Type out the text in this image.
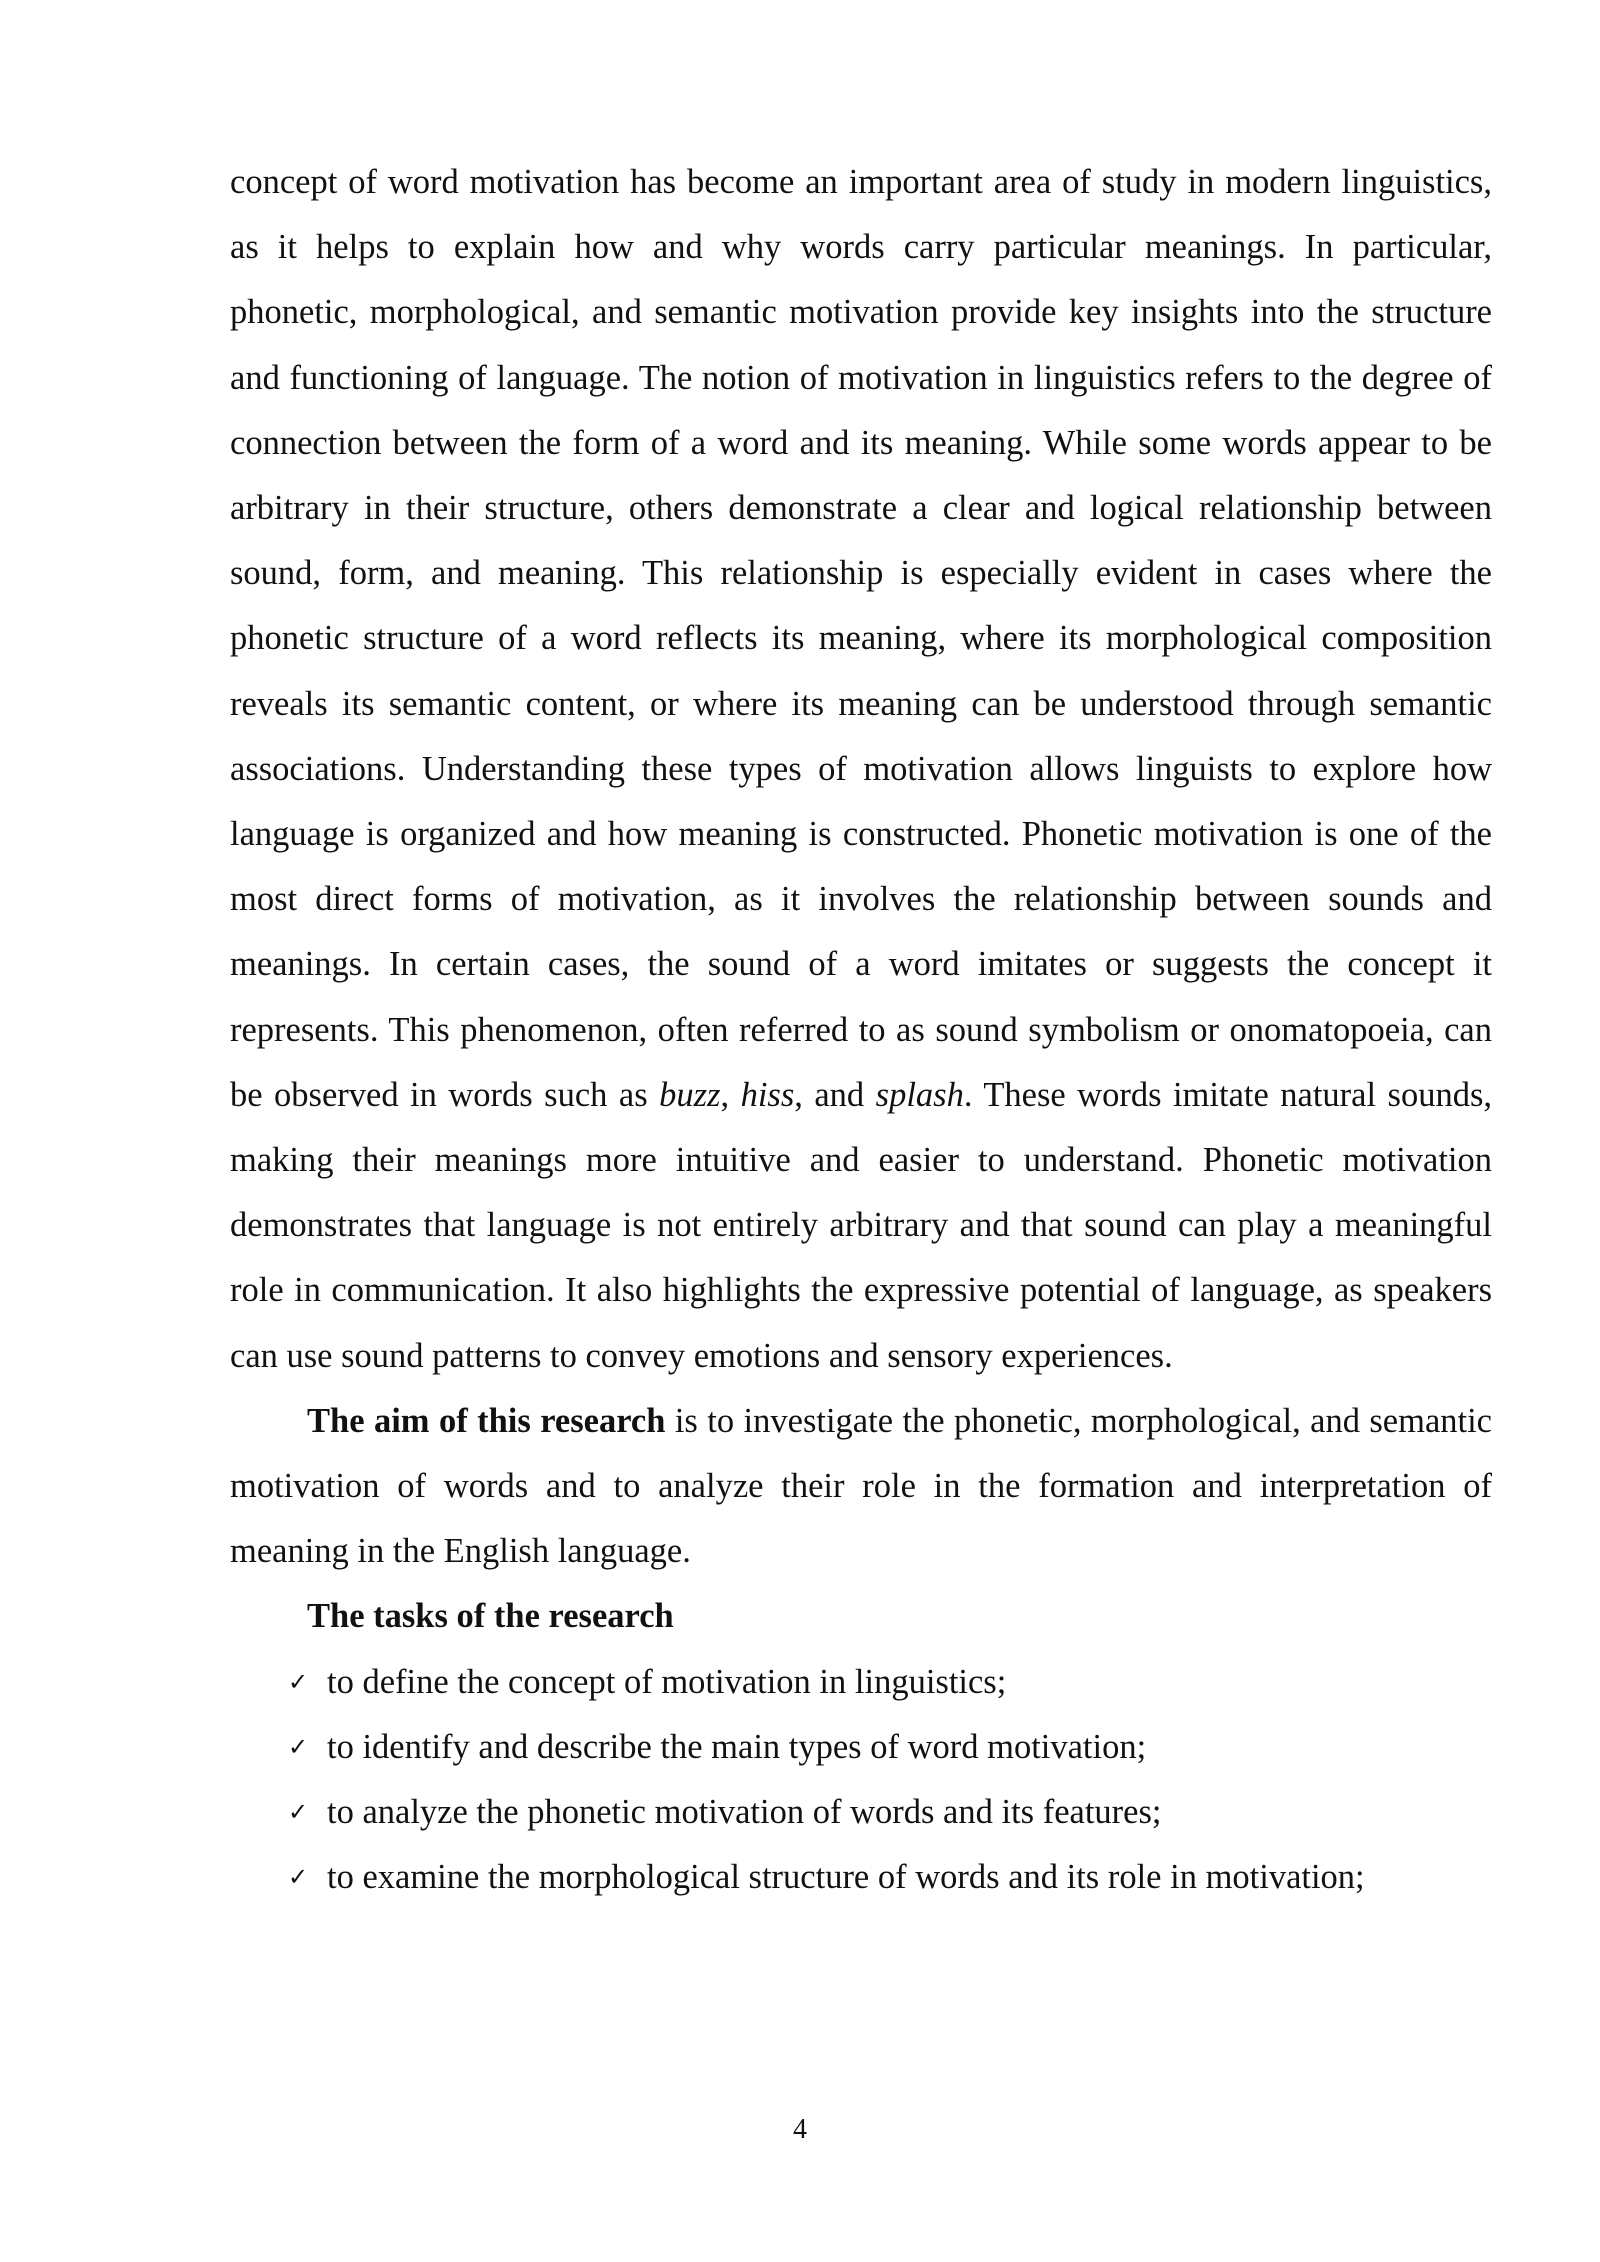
concept of word motivation has become an important area of study in modern linguistics, as it helps to explain how and why words carry particular meanings. In particular, phonetic, morphological, and semantic motivation provide key insights into the structure and functioning of language. The notion of motivation in linguistics refers to the degree of connection between the form of a word and its meaning. While some words appear to be arbitrary in their structure, others demonstrate a clear and logical relationship between sound, form, and meaning. This relationship is especially evident in cases where the phonetic structure of a word reflects its meaning, where its morphological composition reveals its semantic content, or where its meaning can be understood through semantic associations. Understanding these types of motivation allows linguists to explore how language is organized and how meaning is constructed. Phonetic motivation is one of the most direct forms of motivation, as it involves the relationship between sounds and meanings. In certain cases, the sound of a word imitates or suggests the concept it represents. This phenomenon, often referred to as sound symbolism or onomatopoeia, can be observed in words such as buzz, hiss, and splash. These words imitate natural sounds, making their meanings more intuitive and easier to understand. Phonetic motivation demonstrates that language is not entirely arbitrary and that sound can play a meaningful role in communication. It also highlights the expressive potential of language, as speakers can use sound patterns to convey emotions and sensory experiences.

The aim of this research is to investigate the phonetic, morphological, and semantic motivation of words and to analyze their role in the formation and interpretation of meaning in the English language.

The tasks of the research

✓ to define the concept of motivation in linguistics;
✓ to identify and describe the main types of word motivation;
✓ to analyze the phonetic motivation of words and its features;
✓ to examine the morphological structure of words and its role in motivation;
4
